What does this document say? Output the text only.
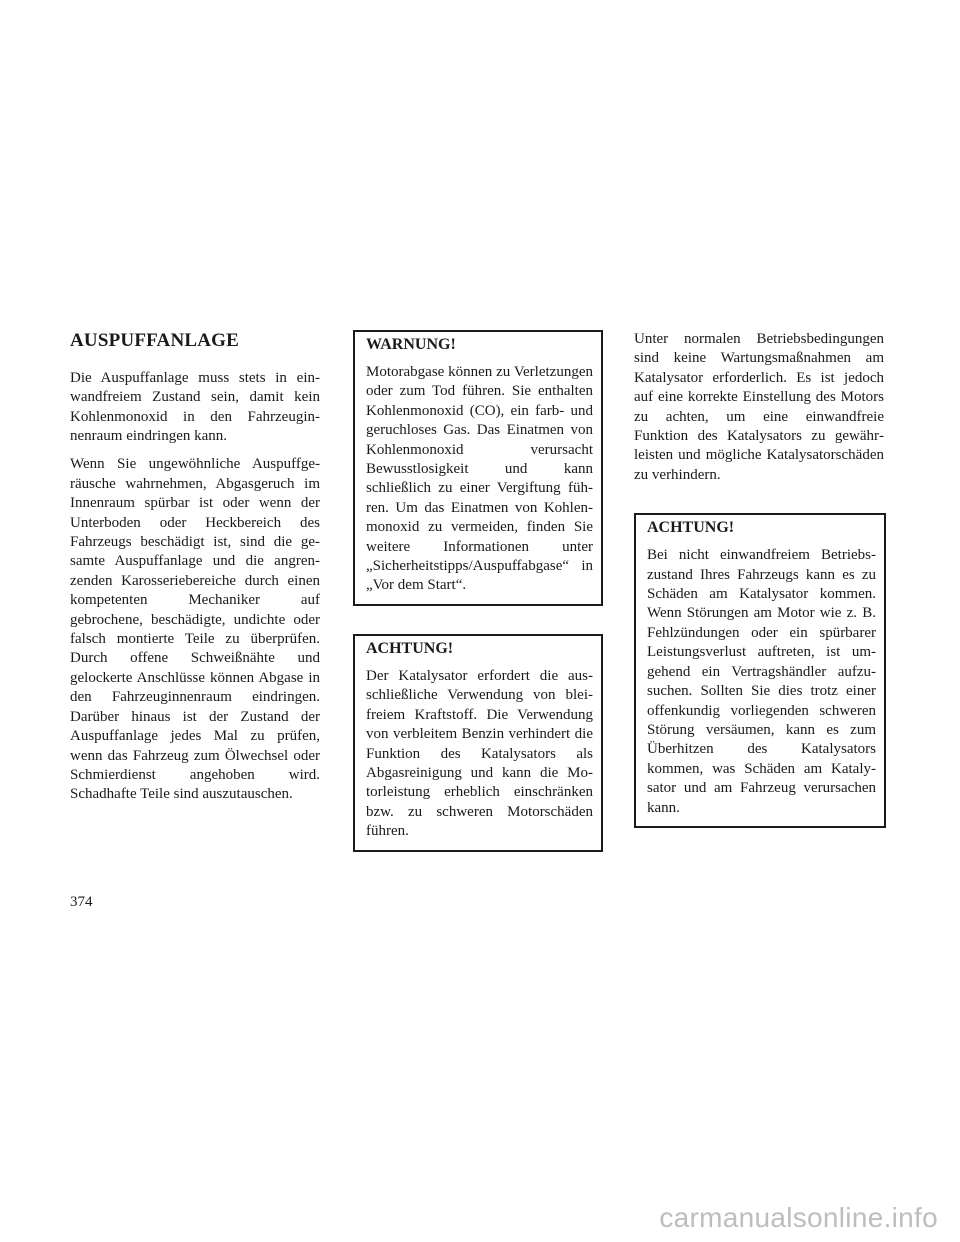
AUSPUFFANLAGE

Die Auspuffanlage muss stets in einwandfreiem Zustand sein, damit kein Kohlenmonoxid in den Fahrzeuginnenraum eindringen kann.

Wenn Sie ungewöhnliche Auspuffgeräusche wahrnehmen, Abgasgeruch im Innenraum spürbar ist oder wenn der Unterboden oder Heckbereich des Fahrzeugs beschädigt ist, sind die gesamte Auspuffanlage und die angrenzenden Karosseriebereiche durch einen kompetenten Mechaniker auf gebrochene, beschädigte, undichte oder falsch montierte Teile zu überprüfen. Durch offene Schweißnähte und gelockerte Anschlüsse können Abgase in den Fahrzeuginnenraum eindringen. Darüber hinaus ist der Zustand der Auspuffanlage jedes Mal zu prüfen, wenn das Fahrzeug zum Ölwechsel oder Schmierdienst angehoben wird. Schadhafte Teile sind auszutauschen.

WARNUNG!

Motorabgase können zu Verletzungen oder zum Tod führen. Sie enthalten Kohlenmonoxid (CO), ein farb- und geruchloses Gas. Das Einatmen von Kohlenmonoxid verursacht Bewusstlosigkeit und kann schließlich zu einer Vergiftung führen. Um das Einatmen von Kohlenmonoxid zu vermeiden, finden Sie weitere Informationen unter „Sicherheitstipps/Auspuffabgase“ in „Vor dem Start“.

ACHTUNG!

Der Katalysator erfordert die ausschließliche Verwendung von bleifreiem Kraftstoff. Die Verwendung von verbleitem Benzin verhindert die Funktion des Katalysators als Abgasreinigung und kann die Motorleistung erheblich einschränken bzw. zu schweren Motorschäden führen.

Unter normalen Betriebsbedingungen sind keine Wartungsmaßnahmen am Katalysator erforderlich. Es ist jedoch auf eine korrekte Einstellung des Motors zu achten, um eine einwandfreie Funktion des Katalysators zu gewährleisten und mögliche Katalysatorschäden zu verhindern.

ACHTUNG!

Bei nicht einwandfreiem Betriebszustand Ihres Fahrzeugs kann es zu Schäden am Katalysator kommen. Wenn Störungen am Motor wie z. B. Fehlzündungen oder ein spürbarer Leistungsverlust auftreten, ist umgehend ein Vertragshändler aufzusuchen. Sollten Sie dies trotz einer offenkundig vorliegenden schweren Störung versäumen, kann es zum Überhitzen des Katalysators kommen, was Schäden am Katalysator und am Fahrzeug verursachen kann.

374
carmanualsonline.info
